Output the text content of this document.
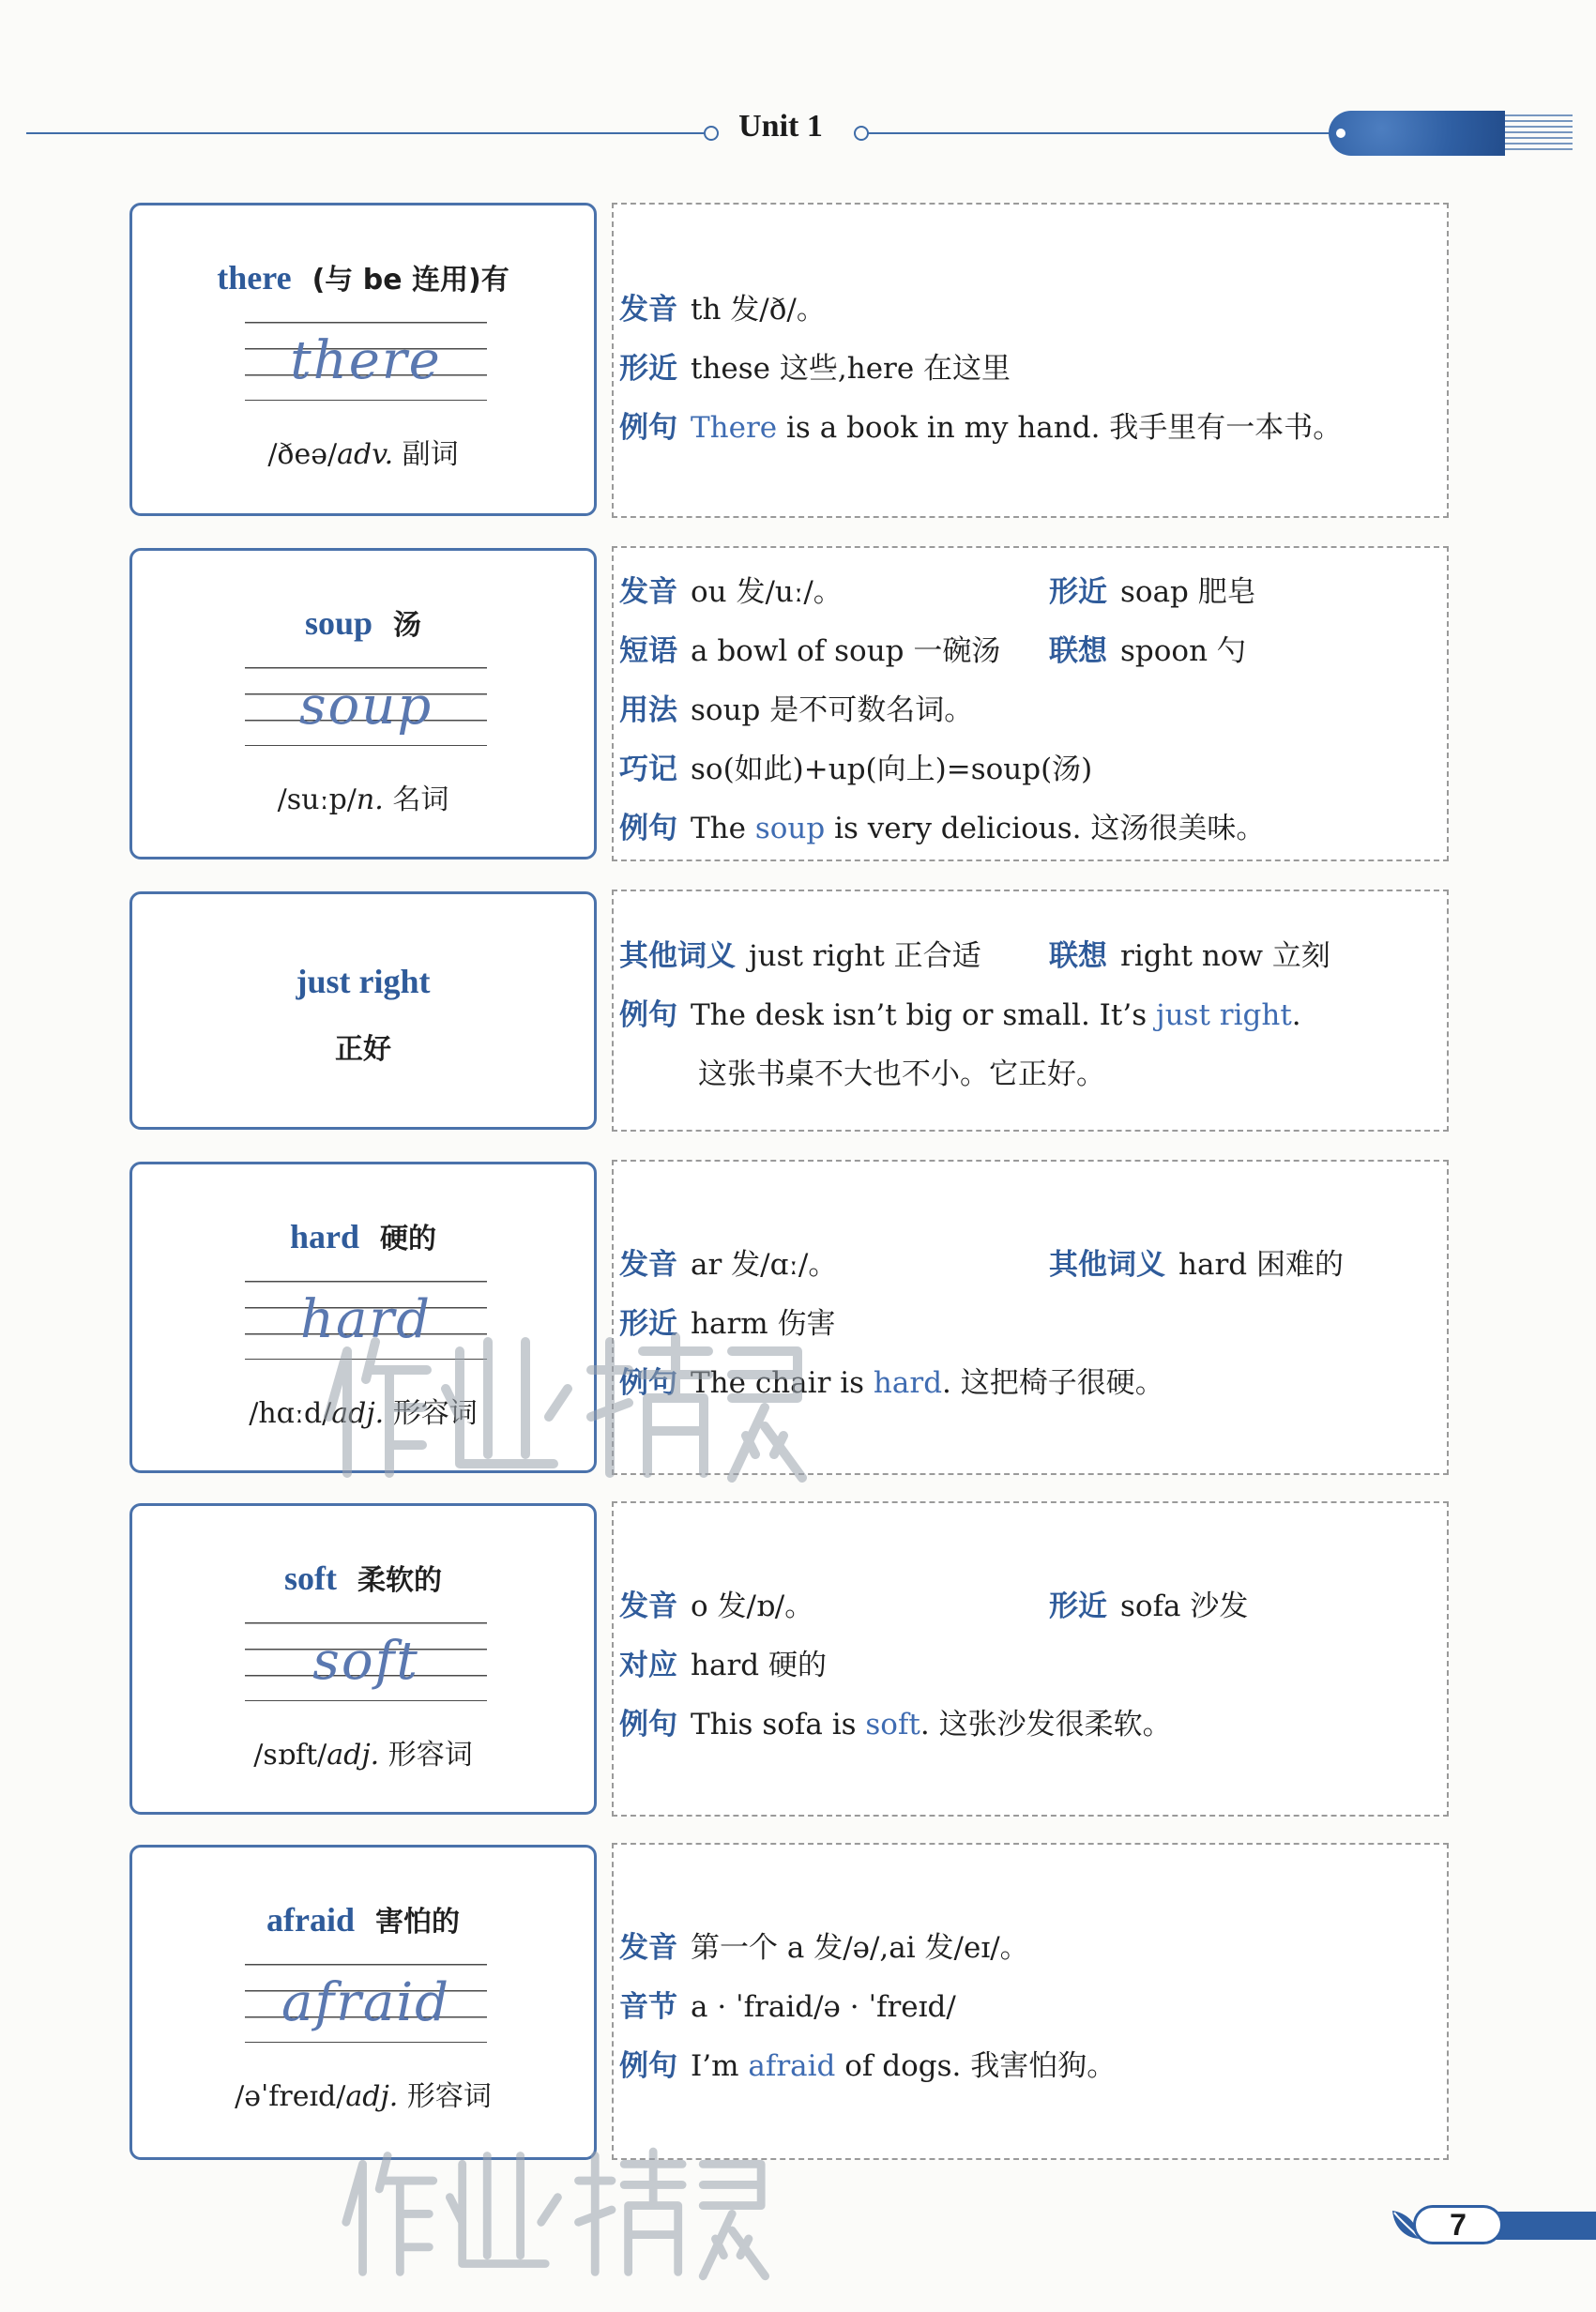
Unit 1
there (与 be 连用)有
there
/ðeə/adv. 副词
发音 th 发/ð/。
形近 these 这些,here 在这里
例句 There is a book in my hand. 我手里有一本书。
soup 汤
soup
/suːp/n. 名词
发音 ou 发/uː/。	形近 soap 肥皂
短语 a bowl of soup 一碗汤 联想 spoon 勺
用法 soup 是不可数名词。
巧记 so(如此)+up(向上)=soup(汤)
例句 The soup is very delicious. 这汤很美味。
just right
正好
其他词义 just right 正合适 联想 right now 立刻
例句 The desk isn’t big or small. It’s just right.
这张书桌不大也不小。它正好。
hard 硬的
hard
/hɑːd/adj. 形容词
发音 ar 发/ɑː/。	其他词义 hard 困难的
形近 harm 伤害
例句 The chair is hard. 这把椅子很硬。
soft 柔软的
soft
/sɒft/adj. 形容词
发音 o 发/ɒ/。	形近 sofa 沙发
对应 hard 硬的
例句 This sofa is soft. 这张沙发很柔软。
afraid 害怕的
afraid
/əˈfreɪd/adj. 形容词
发音 第一个 a 发/ə/,ai 发/eɪ/。
音节 a · ˈfraid/ə · ˈfreɪd/
例句 I’m afraid of dogs. 我害怕狗。
7
